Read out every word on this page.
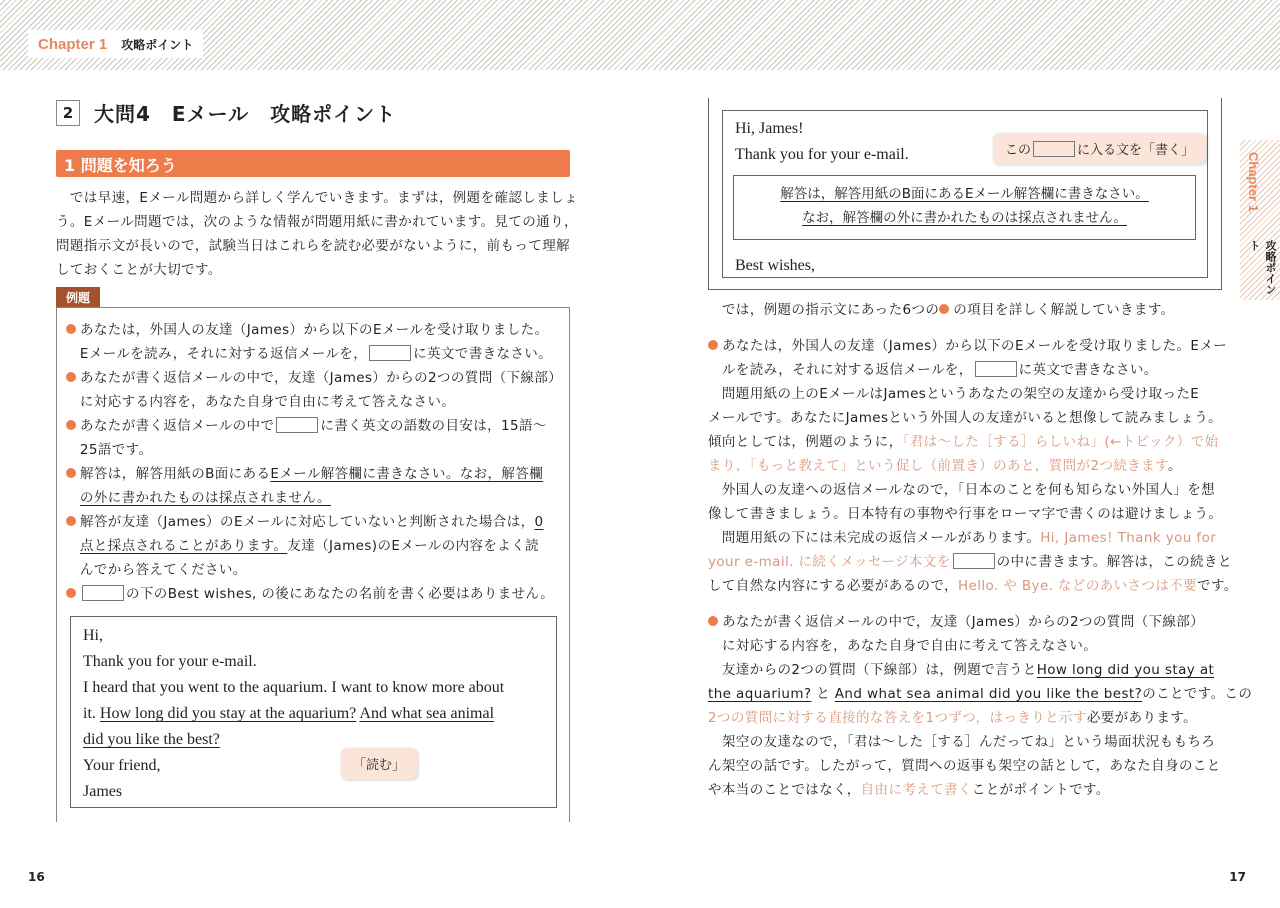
Chapter 1 攻略ポイント
Chapter 1
攻略ポイント
2	大問4　Eメール　攻略ポイント
1 問題を知ろう
　では早速，Eメール問題から詳しく学んでいきます。まずは，例題を確認しましょ
う。Eメール問題では，次のような情報が問題用紙に書かれています。見ての通り，
問題指示文が長いので，試験当日はこれらを読む必要がないように，前もって理解
しておくことが大切です。
例題
あなたは，外国人の友達（James）から以下のEメールを受け取りました。
　Eメールを読み，それに対する返信メールを，	に英文で書きなさい。
あなたが書く返信メールの中で，友達（James）からの2つの質問（下線部）
　に対応する内容を，あなた自身で自由に考えて答えなさい。
あなたが書く返信メールの中で	に書く英文の語数の目安は，15語～
　25語です。
解答は，解答用紙のB面にあるEメール解答欄に書きなさい。なお，解答欄
　の外に書かれたものは採点されません。
解答が友達（James）のEメールに対応していないと判断された場合は，0
　点と採点されることがあります。友達（James)のEメールの内容をよく読
　んでから答えてください。
の下のBest wishes, の後にあなたの名前を書く必要はありません。
Hi,
Thank you for your e-mail.
I heard that you went to the aquarium. I want to know more about
it. How long did you stay at the aquarium? And what sea animal
did you like the best?
Your friend,
James
「読む」
Hi, James!
Thank you for your e-mail.
Best wishes,
解答は，解答用紙のB面にあるEメール解答欄に書きなさい。
なお，解答欄の外に書かれたものは採点されません。
この	に入る文を「書く」
　では，例題の指示文にあった6つの の項目を詳しく解説していきます。
あなたは，外国人の友達（James）から以下のEメールを受け取りました。Eメー
　ルを読み，それに対する返信メールを，	に英文で書きなさい。
　問題用紙の上のEメールはJamesというあなたの架空の友達から受け取ったE
メールです。あなたにJamesという外国人の友達がいると想像して読みましょう。
傾向としては，例題のように，「君は～した［する］らしいね」(←トピック）で始
まり，「もっと教えて」という促し（前置き）のあと，質問が2つ続きます。
　外国人の友達への返信メールなので，「日本のことを何も知らない外国人」を想
像して書きましょう。日本特有の事物や行事をローマ字で書くのは避けましょう。
　問題用紙の下には未完成の返信メールがあります。Hi, James! Thank you for
your e-mail. に続くメッセージ本文を	の中に書きます。解答は，この続きと
して自然な内容にする必要があるので，Hello. や Bye. などのあいさつは不要です。
あなたが書く返信メールの中で，友達（James）からの2つの質問（下線部）
　に対応する内容を，あなた自身で自由に考えて答えなさい。
　友達からの2つの質問（下線部）は，例題で言うとHow long did you stay at
the aquarium? と And what sea animal did you like the best?のことです。この
2つの質問に対する直接的な答えを1つずつ，はっきりと示す必要があります。
　架空の友達なので，「君は～した［する］んだってね」という場面状況ももちろ
ん架空の話です。したがって，質問への返事も架空の話として，あなた自身のこと
や本当のことではなく，自由に考えて書くことがポイントです。
16	17
